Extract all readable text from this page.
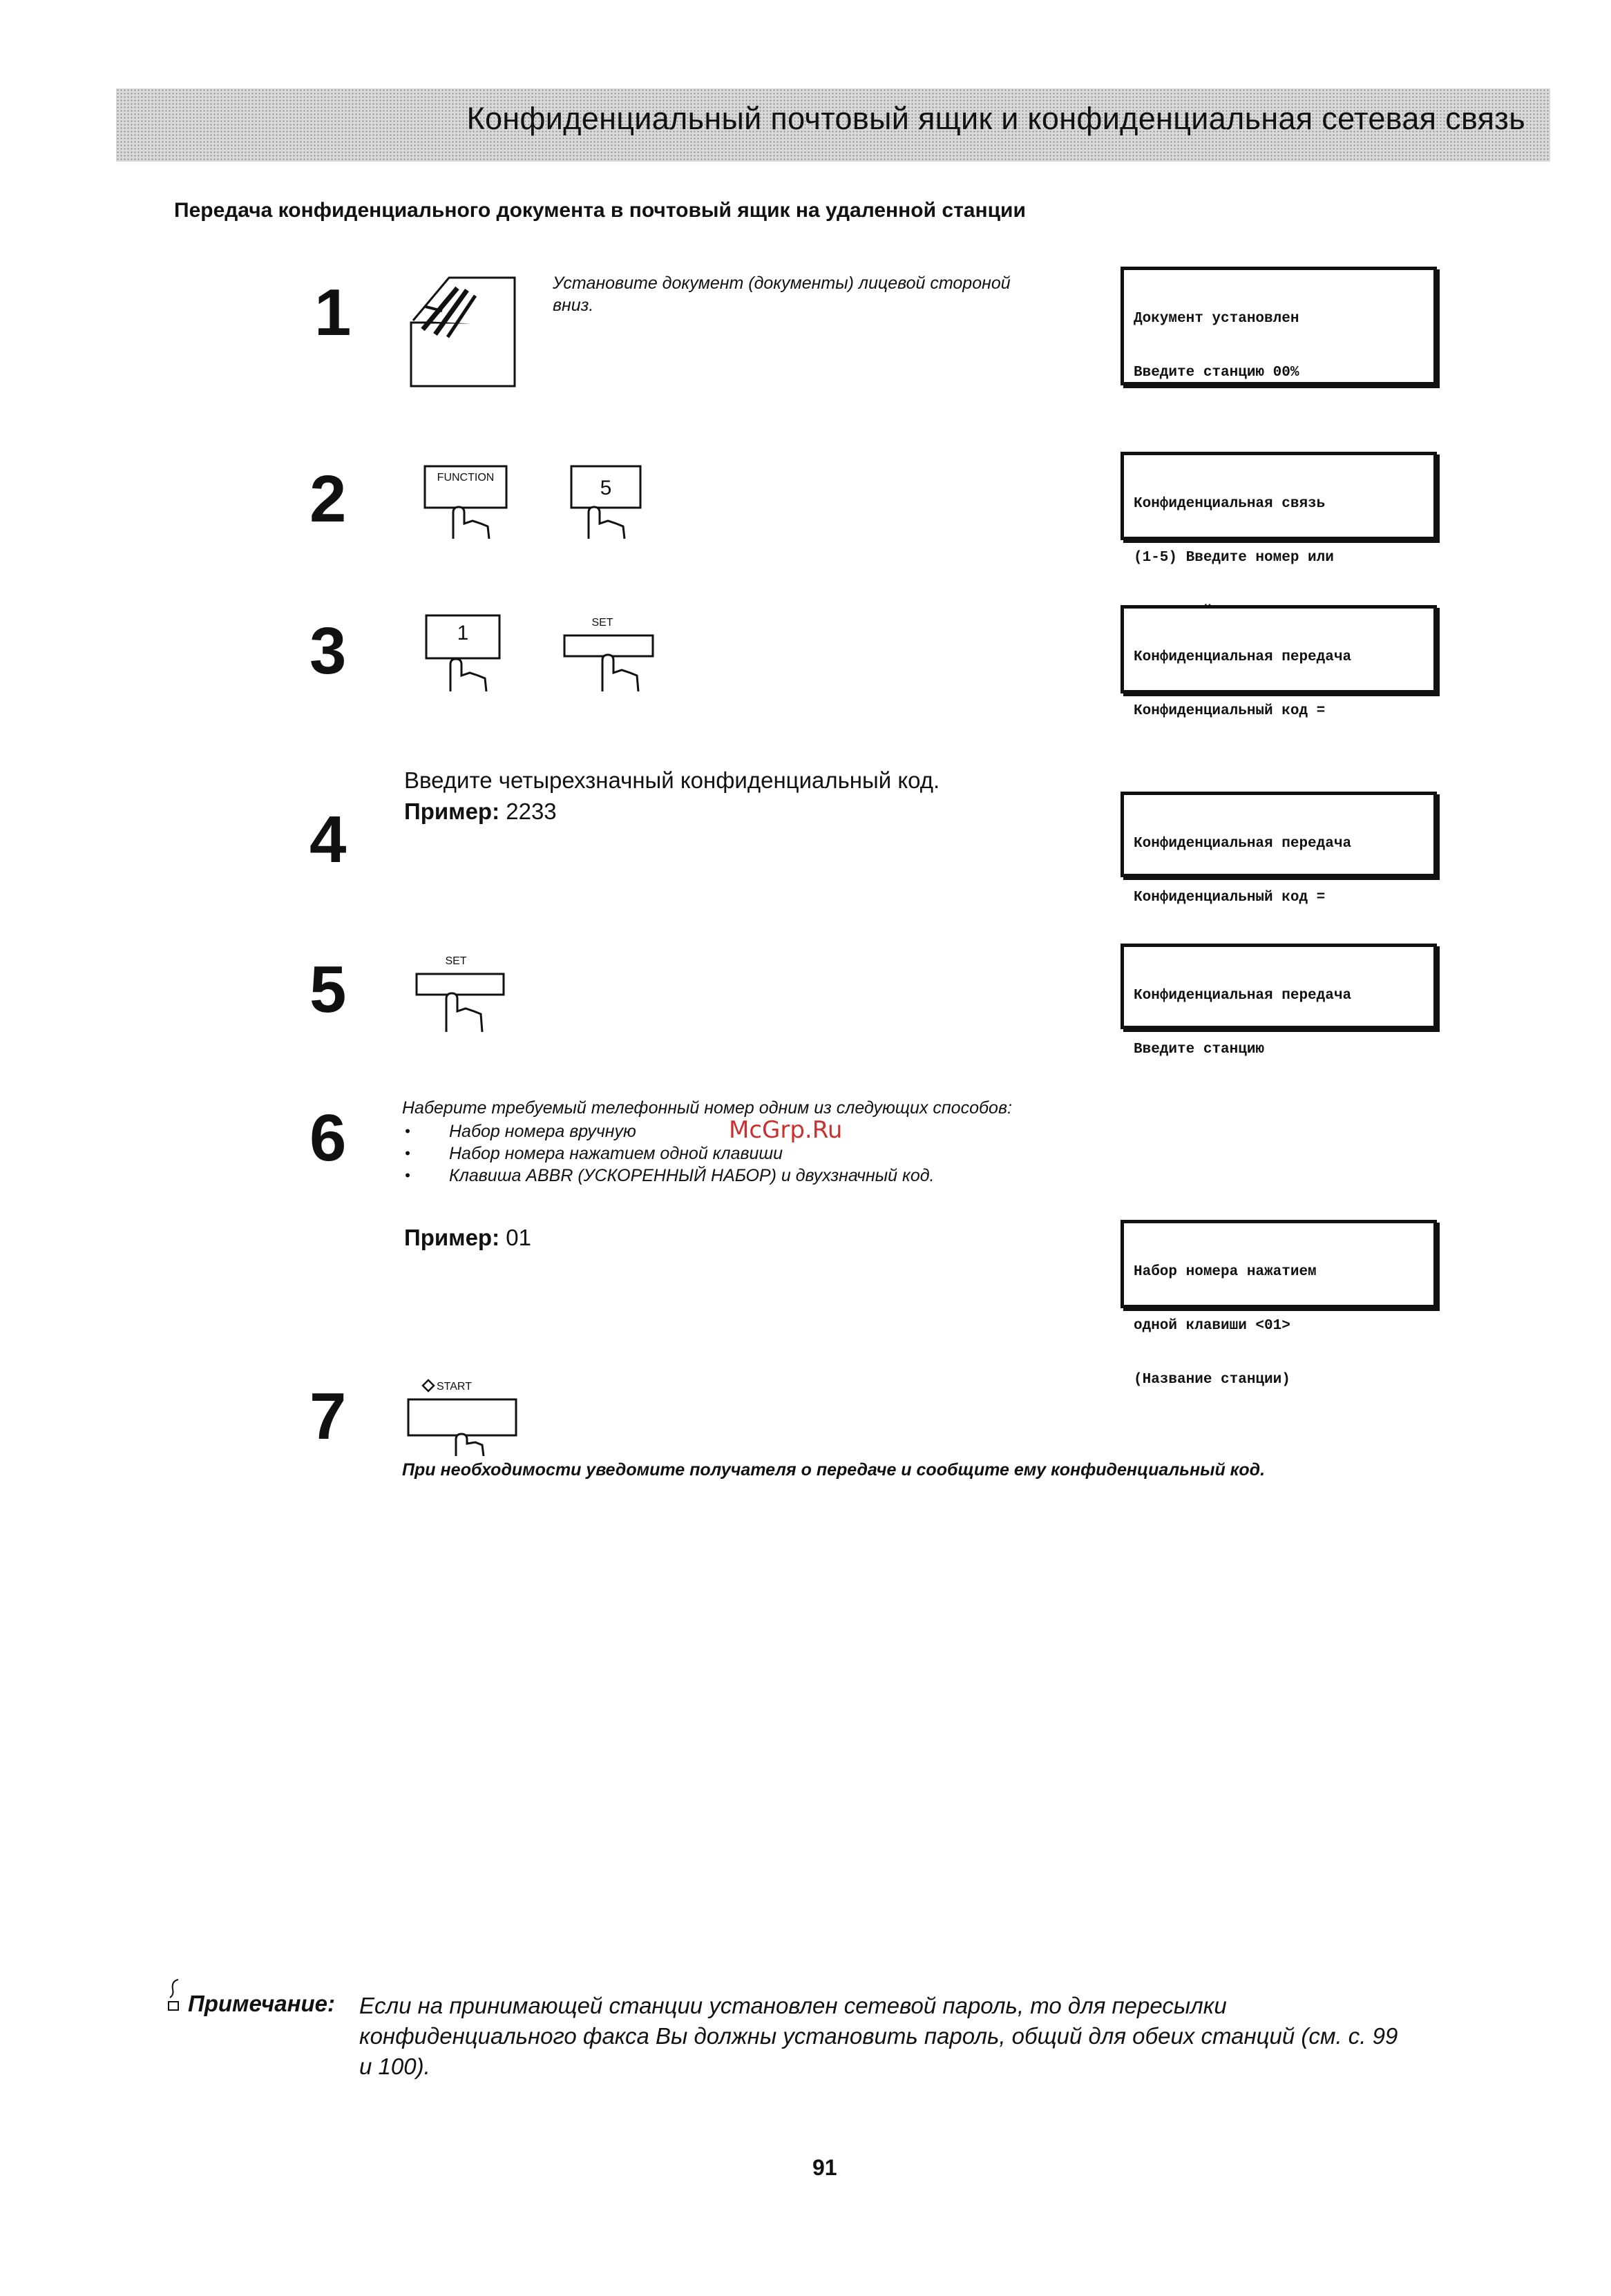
Конфиденциальный почтовый ящик и конфиденциальная сетевая связь
Передача конфиденциального документа в почтовый ящик на удаленной станции
1	Установите документ (документы) лицевой стороной
вниз.

Документ установлен

Введите станцию 00%

2	FUNCTION	5

Конфиденциальная связь

(1-5) Введите номер или

3	1	SET

Конфиденциальная передача

Конфиденциальный код =

Введите четырехзначный конфиденциальный код.
Пример: 2233
4

	Конфиденциальная передача

Конфиденциальный код =

5	SET

Конфиденциальная передача

Введите станцию

6	Наберите требуемый телефонный номер одним из следующих способов:
• Набор номера вручную
• Набор номера нажатием одной клавиши
• Клавиша ABBR (УСКОРЕННЫЙ НАБОР) и двухзначный код.
McGrp.Ru
Пример: 01

Набор номера нажатием

одной клавиши <01>

(Название станции)

7	START
При необходимости уведомите получателя о передаче и сообщите ему конфиденциальный код.
Примечание: Если на принимающей станции установлен сетевой пароль, то для пересылки
конфиденциального факса Вы должны установить пароль, общий для обеих станций (см. с. 99
и 100).
91
